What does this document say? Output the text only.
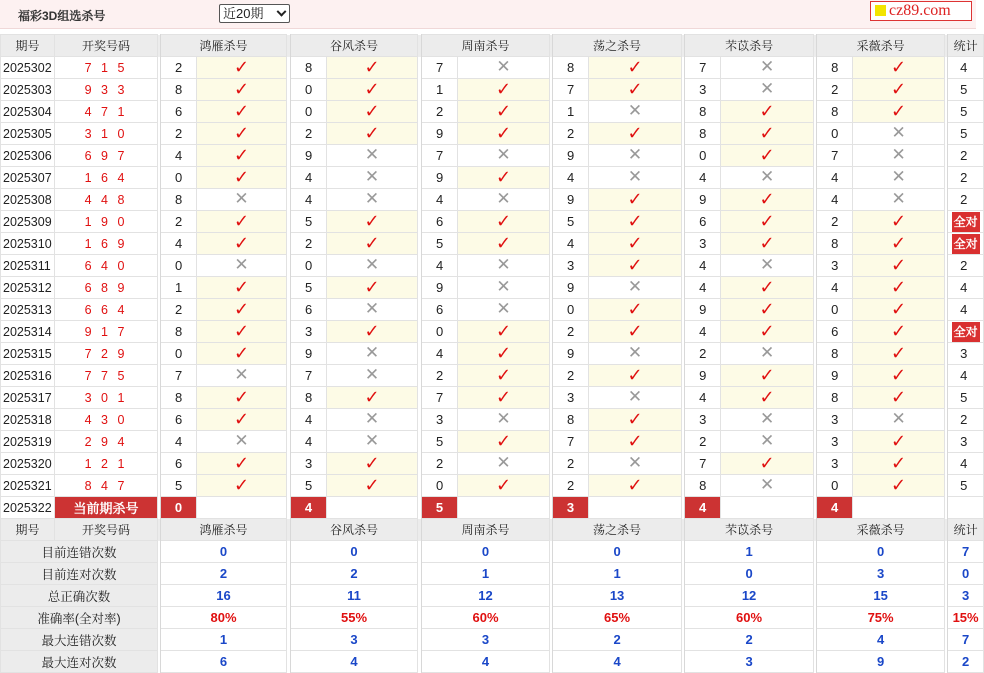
福彩3D组选杀号	近20期	cz89.com
期号	开奖号码		鸿雁杀号			谷风杀号			周南杀号			荡之杀号			芣苡杀号			采薇杀号			统计
2025302	7 1 5		2	✓		8	✓		7	✕		8	✓		7	✕		8	✓		4
2025303	9 3 3		8	✓		0	✓		1	✓		7	✓		3	✕		2	✓		5
2025304	4 7 1		6	✓		0	✓		2	✓		1	✕		8	✓		8	✓		5
2025305	3 1 0		2	✓		2	✓		9	✓		2	✓		8	✓		0	✕		5
2025306	6 9 7		4	✓		9	✕		7	✕		9	✕		0	✓		7	✕		2
2025307	1 6 4		0	✓		4	✕		9	✓		4	✕		4	✕		4	✕		2
2025308	4 4 8		8	✕		4	✕		4	✕		9	✓		9	✓		4	✕		2
2025309	1 9 0		2	✓		5	✓		6	✓		5	✓		6	✓		2	✓		全对
2025310	1 6 9		4	✓		2	✓		5	✓		4	✓		3	✓		8	✓		全对
2025311	6 4 0		0	✕		0	✕		4	✕		3	✓		4	✕		3	✓		2
2025312	6 8 9		1	✓		5	✓		9	✕		9	✕		4	✓		4	✓		4
2025313	6 6 4		2	✓		6	✕		6	✕		0	✓		9	✓		0	✓		4
2025314	9 1 7		8	✓		3	✓		0	✓		2	✓		4	✓		6	✓		全对
2025315	7 2 9		0	✓		9	✕		4	✓		9	✕		2	✕		8	✓		3
2025316	7 7 5		7	✕		7	✕		2	✓		2	✓		9	✓		9	✓		4
2025317	3 0 1		8	✓		8	✓		7	✓		3	✕		4	✓		8	✓		5
2025318	4 3 0		6	✓		4	✕		3	✕		8	✓		3	✕		3	✕		2
2025319	2 9 4		4	✕		4	✕		5	✓		7	✓		2	✕		3	✓		3
2025320	1 2 1		6	✓		3	✓		2	✕		2	✕		7	✓		3	✓		4
2025321	8 4 7		5	✓		5	✓		0	✓		2	✓		8	✕		0	✓		5
2025322	当前期杀号		0			4			5			3			4			4			
期号	开奖号码		鸿雁杀号			谷风杀号			周南杀号			荡之杀号			芣苡杀号			采薇杀号			统计
目前连错次数			0			0			0			0			1			0			7
目前连对次数			2			2			1			1			0			3			0
总正确次数			16			11			12			13			12			15			3
准确率(全对率)			80%			55%			60%			65%			60%			75%			15%
最大连错次数			1			3			3			2			2			4			7
最大连对次数			6			4			4			4			3			9			2
